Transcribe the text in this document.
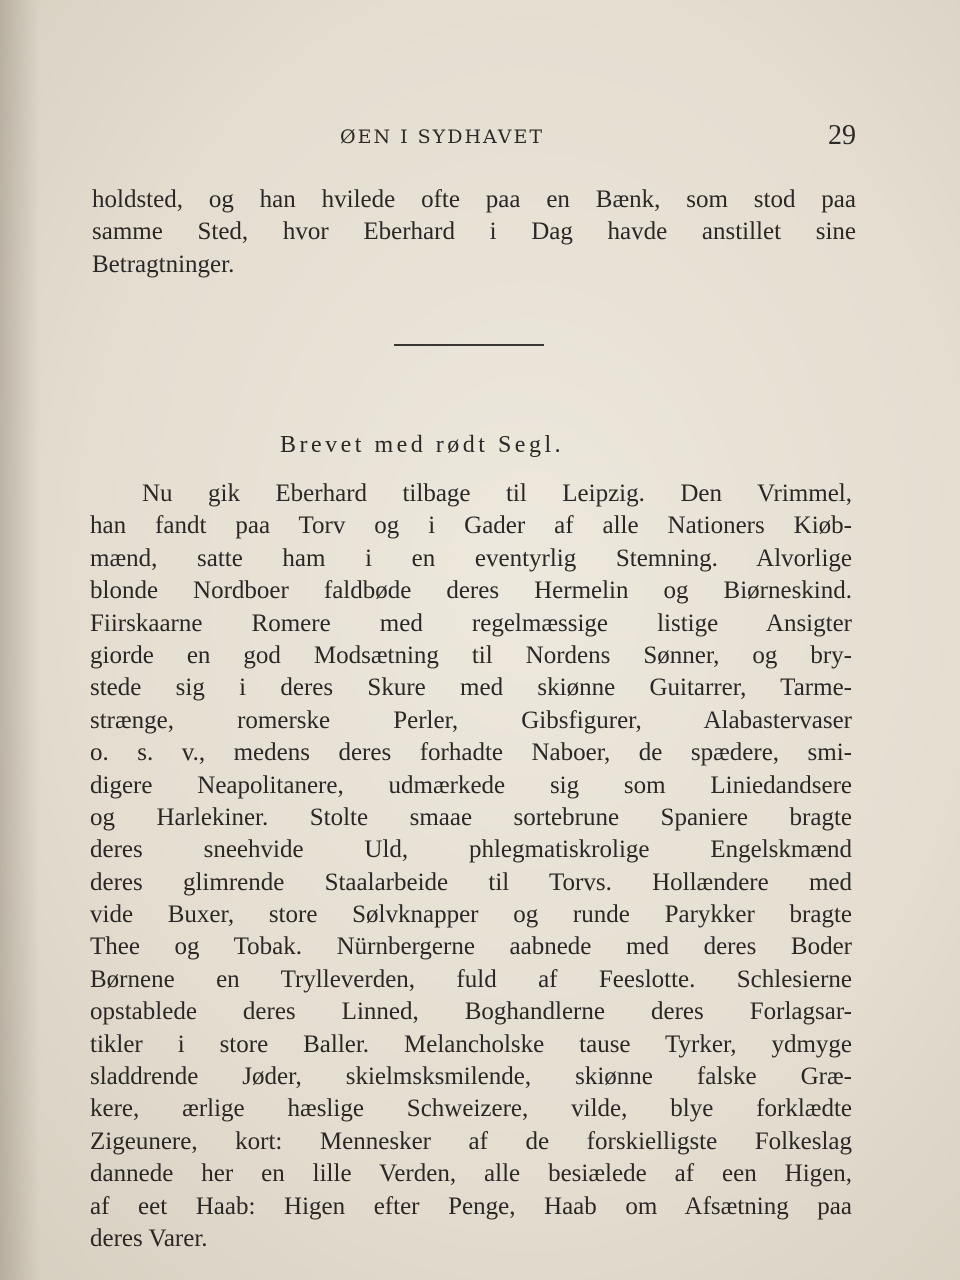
ØEN I SYDHAVET	29
holdsted, og han hvilede ofte paa en Bænk, som stod paa
samme Sted, hvor Eberhard i Dag havde anstillet sine
Betragtninger.
Brevet med rødt Segl.
Nu gik Eberhard tilbage til Leipzig. Den Vrimmel,
han fandt paa Torv og i Gader af alle Nationers Kiøb-
mænd, satte ham i en eventyrlig Stemning. Alvorlige
blonde Nordboer faldbøde deres Hermelin og Biørneskind.
Fiirskaarne Romere med regelmæssige listige Ansigter
giorde en god Modsætning til Nordens Sønner, og bry-
stede sig i deres Skure med skiønne Guitarrer, Tarme-
strænge, romerske Perler, Gibsfigurer, Alabastervaser
o. s. v., medens deres forhadte Naboer, de spædere, smi-
digere Neapolitanere, udmærkede sig som Liniedandsere
og Harlekiner. Stolte smaae sortebrune Spaniere bragte
deres sneehvide Uld, phlegmatiskrolige Engelskmænd
deres glimrende Staalarbeide til Torvs. Hollændere med
vide Buxer, store Sølvknapper og runde Parykker bragte
Thee og Tobak. Nürnbergerne aabnede med deres Boder
Børnene en Trylleverden, fuld af Feeslotte. Schlesierne
opstablede deres Linned, Boghandlerne deres Forlagsar-
tikler i store Baller. Melancholske tause Tyrker, ydmyge
sladdrende Jøder, skielmsksmilende, skiønne falske Græ-
kere, ærlige hæslige Schweizere, vilde, blye forklædte
Zigeunere, kort: Mennesker af de forskielligste Folkeslag
dannede her en lille Verden, alle besiælede af een Higen,
af eet Haab: Higen efter Penge, Haab om Afsætning paa
deres Varer.
